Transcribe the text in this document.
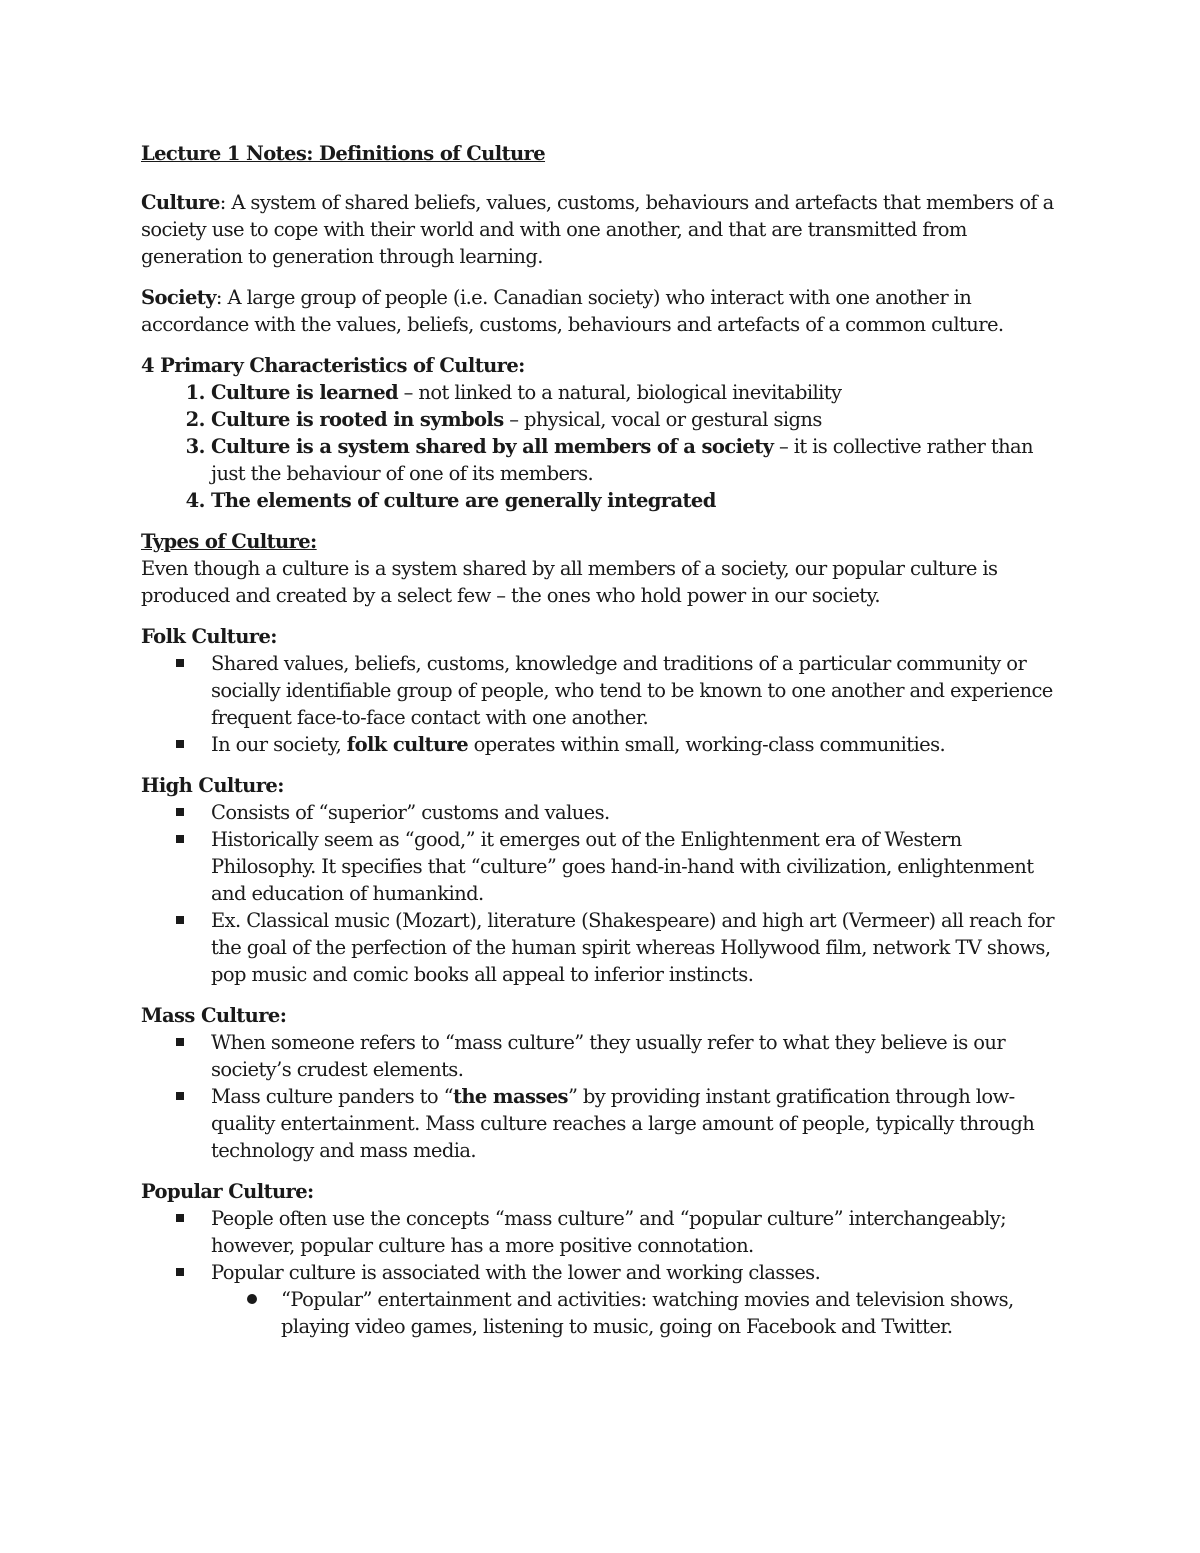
Lecture 1 Notes: Definitions of Culture

Culture: A system of shared beliefs, values, customs, behaviours and artefacts that members of a society use to cope with their world and with one another, and that are transmitted from generation to generation through learning.

Society: A large group of people (i.e. Canadian society) who interact with one another in accordance with the values, beliefs, customs, behaviours and artefacts of a common culture.

4 Primary Characteristics of Culture:

1. Culture is learned – not linked to a natural, biological inevitability
2. Culture is rooted in symbols – physical, vocal or gestural signs
3. Culture is a system shared by all members of a society – it is collective rather than just the behaviour of one of its members.
4. The elements of culture are generally integrated

Types of Culture:

Even though a culture is a system shared by all members of a society, our popular culture is produced and created by a select few – the ones who hold power in our society.

Folk Culture:

Shared values, beliefs, customs, knowledge and traditions of a particular community or socially identifiable group of people, who tend to be known to one another and experience frequent face-to-face contact with one another.
In our society, folk culture operates within small, working-class communities.

High Culture:

Consists of “superior” customs and values.
Historically seem as “good,” it emerges out of the Enlightenment era of Western Philosophy. It specifies that “culture” goes hand-in-hand with civilization, enlightenment and education of humankind.
Ex. Classical music (Mozart), literature (Shakespeare) and high art (Vermeer) all reach for the goal of the perfection of the human spirit whereas Hollywood film, network TV shows, pop music and comic books all appeal to inferior instincts.

Mass Culture:

When someone refers to “mass culture” they usually refer to what they believe is our society’s crudest elements.
Mass culture panders to “the masses” by providing instant gratification through low-quality entertainment. Mass culture reaches a large amount of people, typically through technology and mass media.

Popular Culture:

People often use the concepts “mass culture” and “popular culture” interchangeably; however, popular culture has a more positive connotation.
Popular culture is associated with the lower and working classes.
“Popular” entertainment and activities: watching movies and television shows, playing video games, listening to music, going on Facebook and Twitter.
